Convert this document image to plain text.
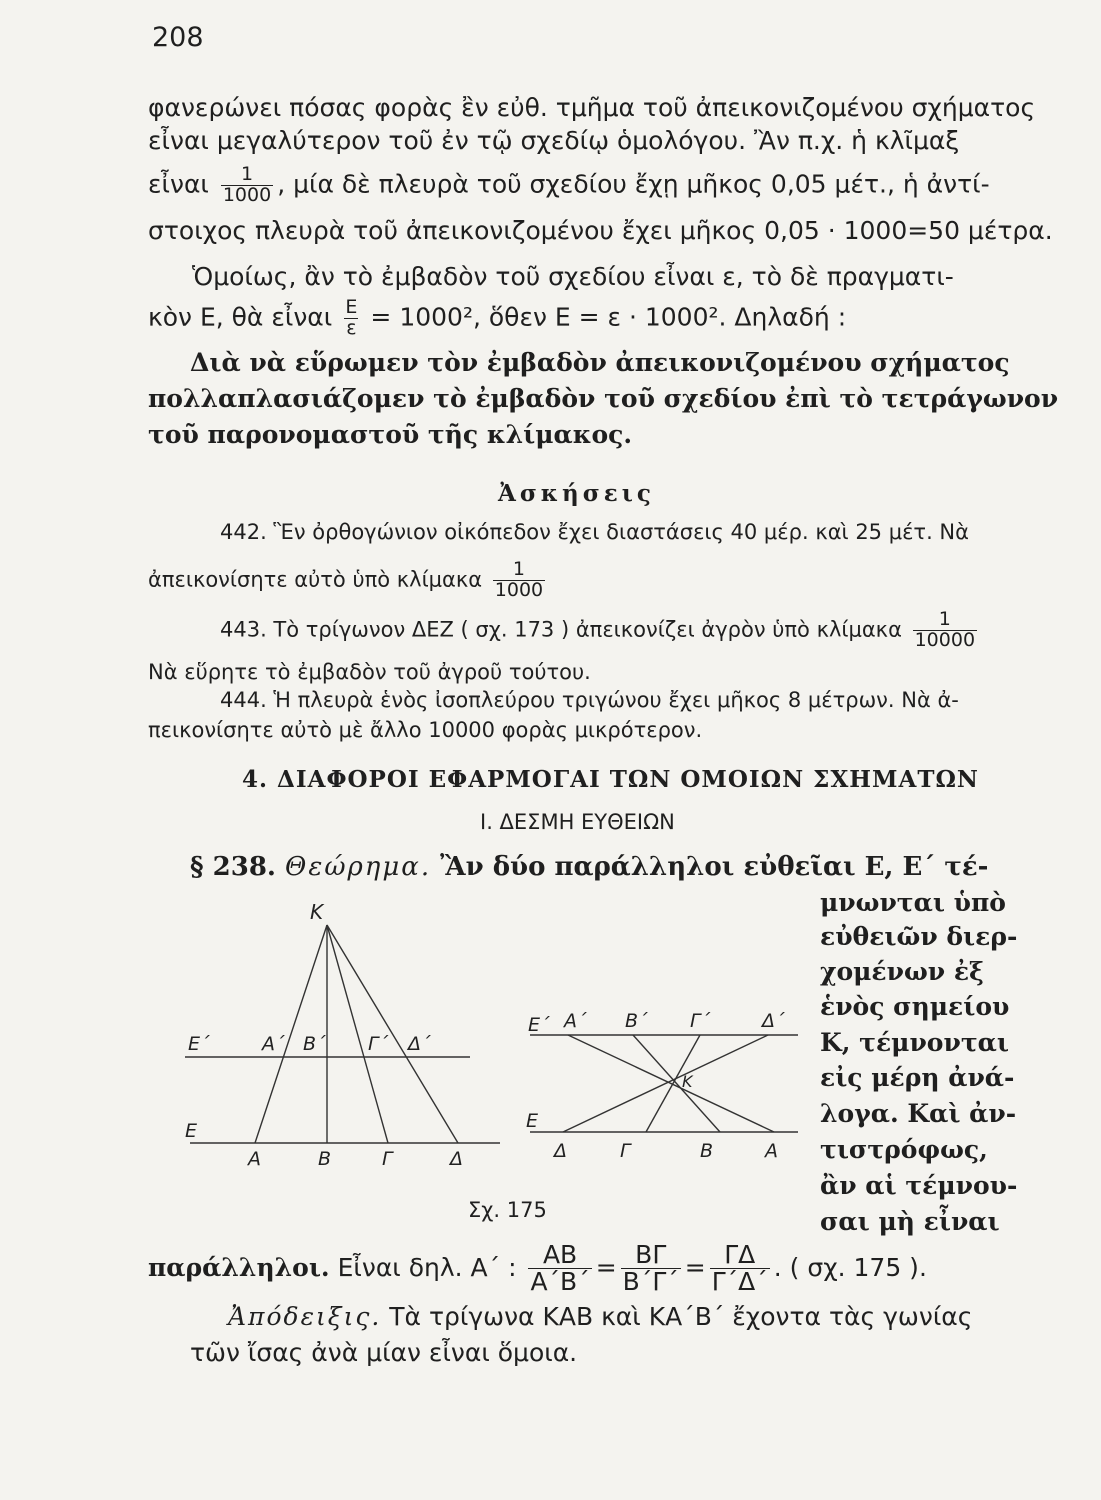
208
φανερώνει πόσας φορὰς ἒν εὐθ. τμῆμα τοῦ ἀπεικονιζομένου σχήματος
εἶναι μεγαλύτερον τοῦ ἐν τῷ σχεδίῳ ὁμολόγου. Ἂν π.χ. ἡ κλῖμαξ
εἶναι $\frac{1}{1000}$ , μία δὲ πλευρὰ τοῦ σχεδίου ἔχῃ μῆκος 0,05 μέτ., ἡ ἀντί-
στοιχος πλευρὰ τοῦ ἀπεικονιζομένου ἔχει μῆκος 0,05 · 1000=50 μέτρα.
Ὁμοίως, ἂν τὸ ἐμβαδὸν τοῦ σχεδίου εἶναι ε, τὸ δὲ πραγματι-
κὸν Ε, θὰ εἶναι $\frac{E}{\varepsilon} = 1000^2$, ὅθεν Ε = ε · 1000². Δηλαδή :
Διὰ νὰ εὕρωμεν τὸν ἐμβαδὸν ἀπεικονιζομένου σχήματος
πολλαπλασιάζομεν τὸ ἐμβαδὸν τοῦ σχεδίου ἐπὶ τὸ τετράγωνον
τοῦ παρονομαστοῦ τῆς κλίμακος.
Ἀσκήσεις
442. Ἓν ὀρθογώνιον οἰκόπεδον ἔχει διαστάσεις 40 μέρ. καὶ 25 μέτ. Νὰ
ἀπεικονίσητε αὐτὸ ὑπὸ κλίμακα $\frac{1}{1000}$
443. Τὸ τρίγωνον ΔΕΖ ( σχ. 173 ) ἀπεικονίζει ἀγρὸν ὑπὸ κλίμακα $\frac{1}{10000}$
Νὰ εὕρητε τὸ ἐμβαδὸν τοῦ ἀγροῦ τούτου.
444. Ἡ πλευρὰ ἑνὸς ἰσοπλεύρου τριγώνου ἔχει μῆκος 8 μέτρων. Νὰ ἀ-
πεικονίσητε αὐτὸ μὲ ἄλλο 10000 φορὰς μικρότερον.
4. ΔΙΑΦΟΡΟΙ ΕΦΑΡΜΟΓΑΙ ΤΩΝ ΟΜΟΙΩΝ ΣΧΗΜΑΤΩΝ
Ι. ΔΕΣΜΗ ΕΥΘΕΙΩΝ
§ 238. Θεώρημα. Ἂν δύο παράλληλοι εὐθεῖαι Ε, Ε΄ τέ-
μνωνται ὑπὸ
εὐθειῶν διερ-
χομένων ἐξ
ἑνὸς σημείου
Κ, τέμνονται
εἰς μέρη ἀνά-
λογα. Καὶ ἀν-
τιστρόφως,
ἂν αἱ τέμνου-
σαι μὴ εἶναι
παράλληλοι. Εἶναι δηλ. Α΄ : $\frac{AB}{A΄B΄} = \frac{B\Gamma}{B΄\Gamma΄} = \frac{\Gamma\Delta}{\Gamma΄\Delta΄}$ . ( σχ. 175 ).
K
Ε΄	Α΄ Β΄ Γ΄ Δ΄
Ε
Α	Β	Γ	Δ
Ε΄ Α΄ Β΄ Γ΄	Δ΄
K
Ε
Δ	Γ	Β	Α
Σχ. 175
Ἀπόδειξις. Τὰ τρίγωνα ΚΑΒ καὶ ΚΑ΄Β΄ ἔχοντα τὰς γωνίας
τῶν ἴσας ἀνὰ μίαν εἶναι ὅμοια.
